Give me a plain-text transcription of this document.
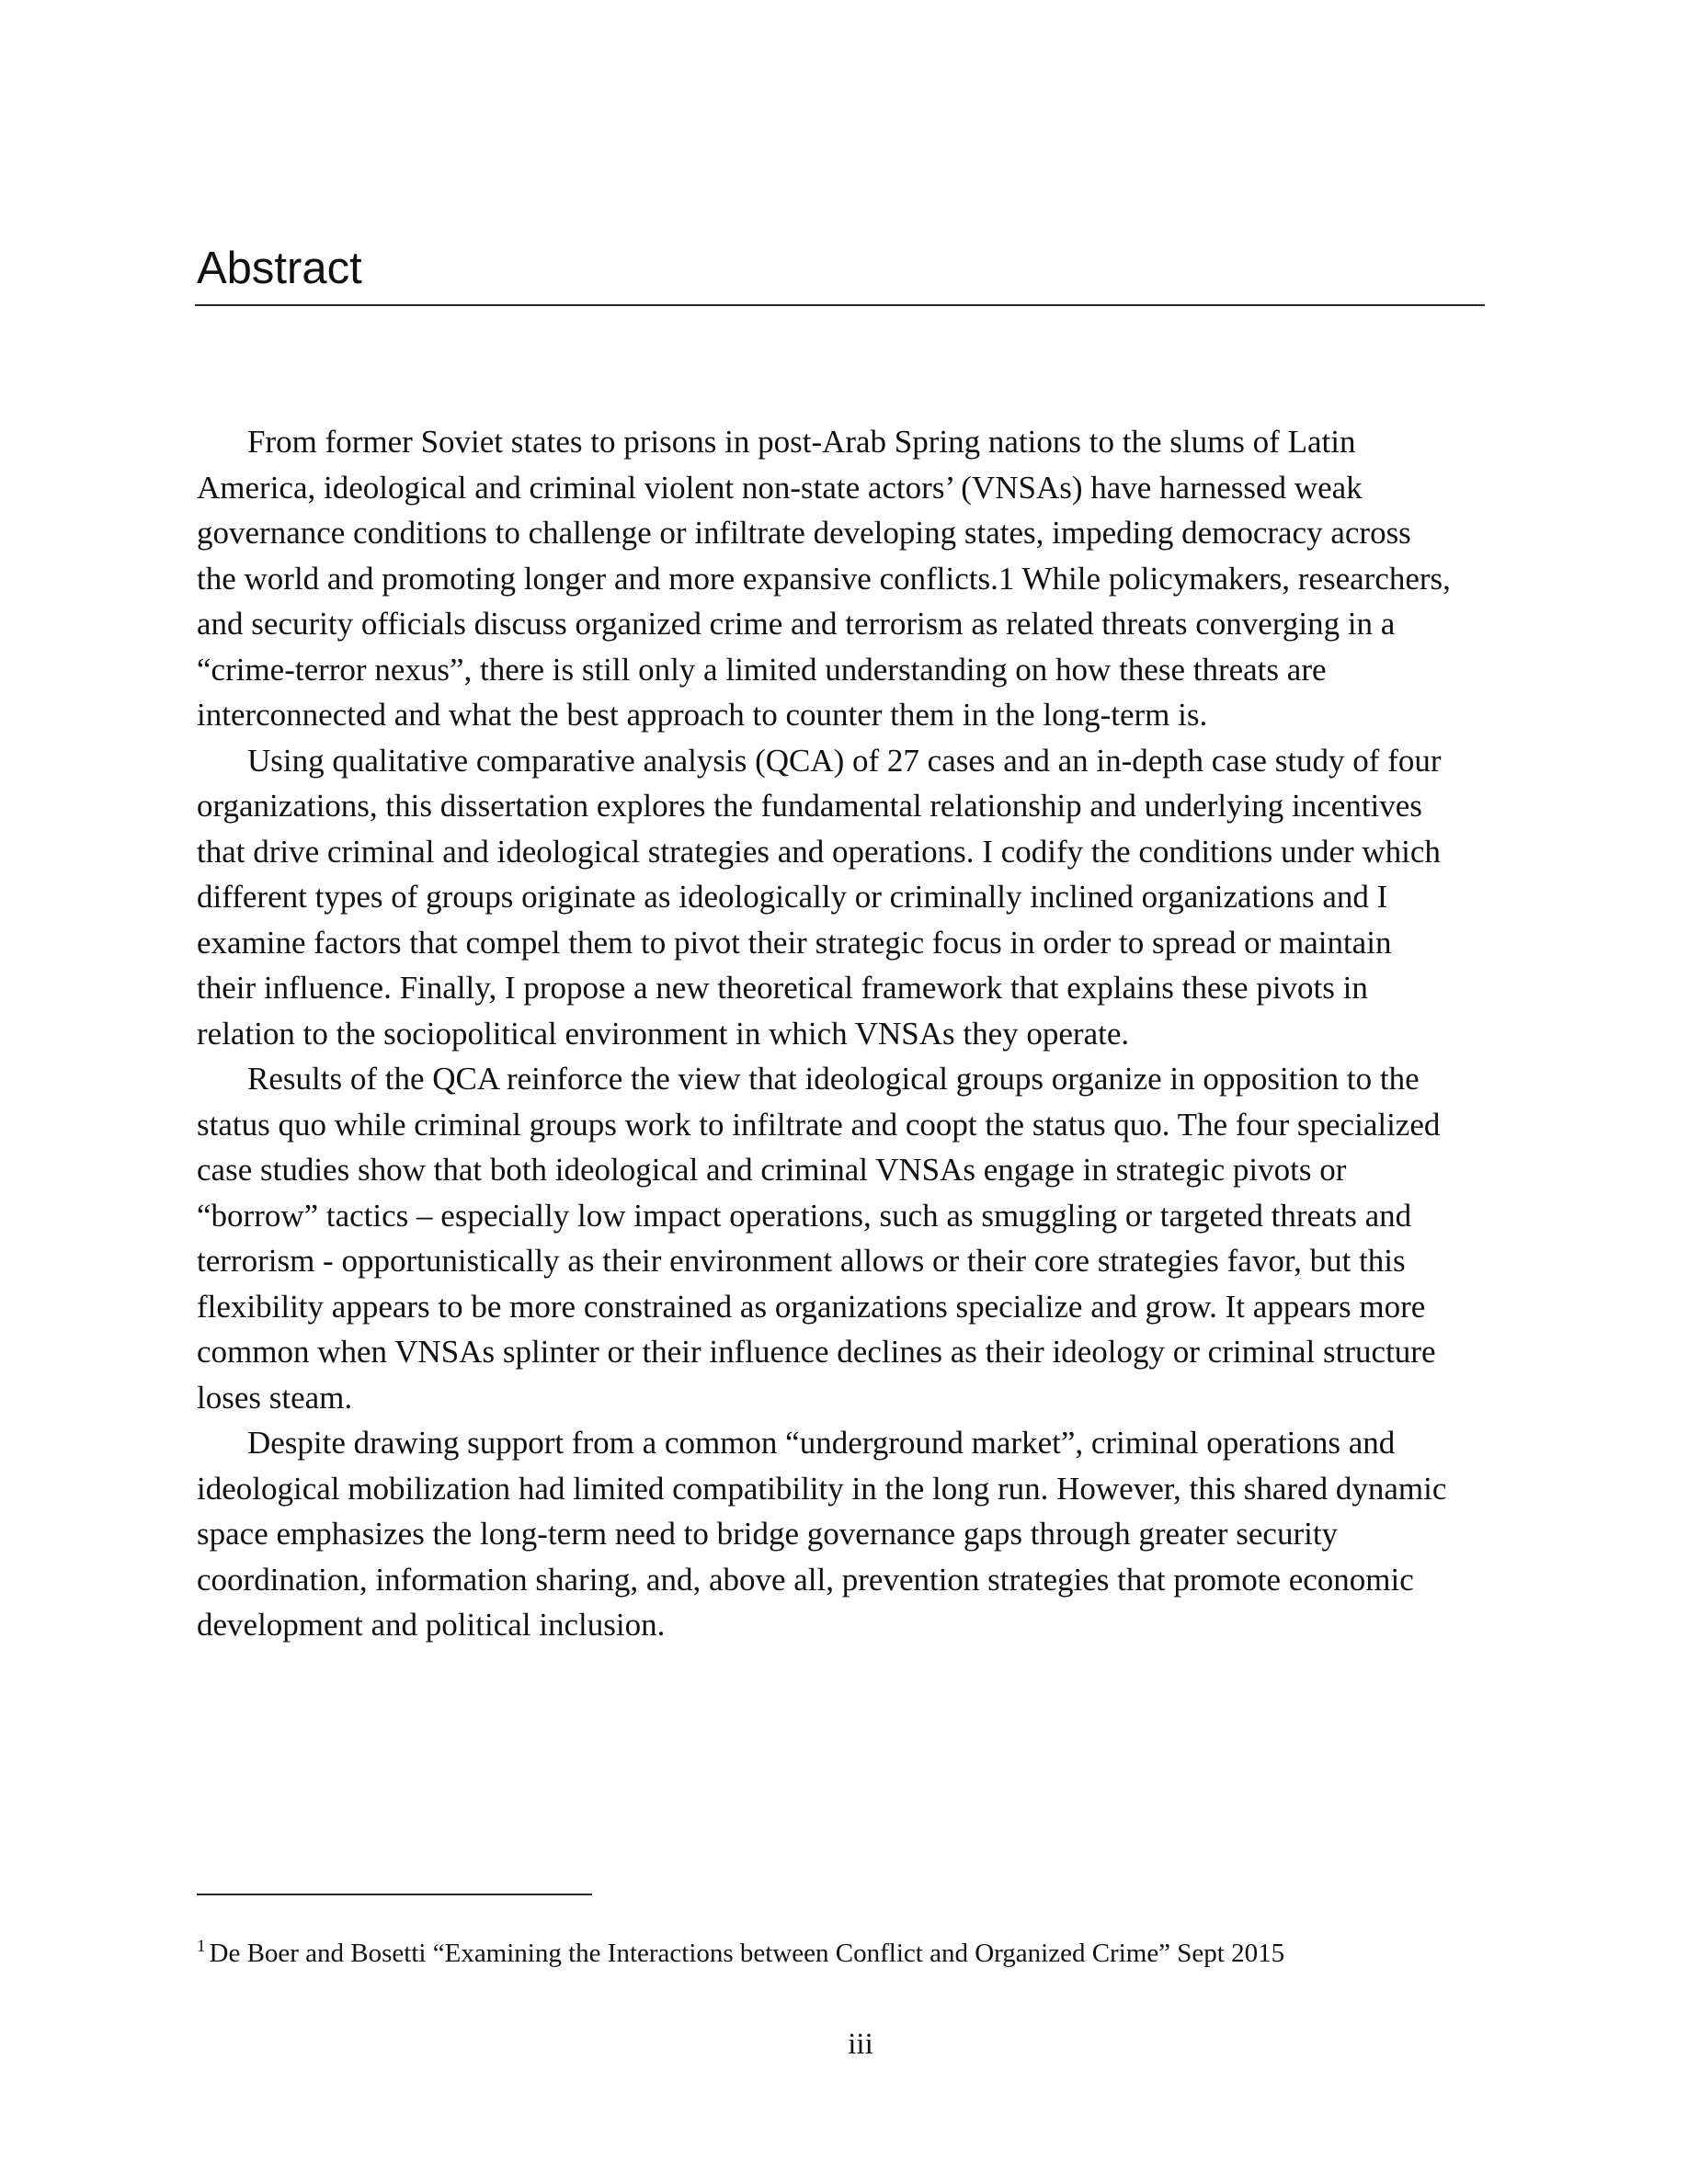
Abstract

From former Soviet states to prisons in post-Arab Spring nations to the slums of Latin
America, ideological and criminal violent non-state actors’ (VNSAs) have harnessed weak
governance conditions to challenge or infiltrate developing states, impeding democracy across
the world and promoting longer and more expansive conflicts.1 While policymakers, researchers,
and security officials discuss organized crime and terrorism as related threats converging in a
“crime-terror nexus”, there is still only a limited understanding on how these threats are
interconnected and what the best approach to counter them in the long-term is.

Using qualitative comparative analysis (QCA) of 27 cases and an in-depth case study of four
organizations, this dissertation explores the fundamental relationship and underlying incentives
that drive criminal and ideological strategies and operations. I codify the conditions under which
different types of groups originate as ideologically or criminally inclined organizations and I
examine factors that compel them to pivot their strategic focus in order to spread or maintain
their influence. Finally, I propose a new theoretical framework that explains these pivots in
relation to the sociopolitical environment in which VNSAs they operate.

Results of the QCA reinforce the view that ideological groups organize in opposition to the
status quo while criminal groups work to infiltrate and coopt the status quo. The four specialized
case studies show that both ideological and criminal VNSAs engage in strategic pivots or
“borrow” tactics – especially low impact operations, such as smuggling or targeted threats and
terrorism - opportunistically as their environment allows or their core strategies favor, but this
flexibility appears to be more constrained as organizations specialize and grow. It appears more
common when VNSAs splinter or their influence declines as their ideology or criminal structure
loses steam.

Despite drawing support from a common “underground market”, criminal operations and
ideological mobilization had limited compatibility in the long run. However, this shared dynamic
space emphasizes the long-term need to bridge governance gaps through greater security
coordination, information sharing, and, above all, prevention strategies that promote economic
development and political inclusion.

$^1$ De Boer and Bosetti “Examining the Interactions between Conflict and Organized Crime” Sept 2015
iii
